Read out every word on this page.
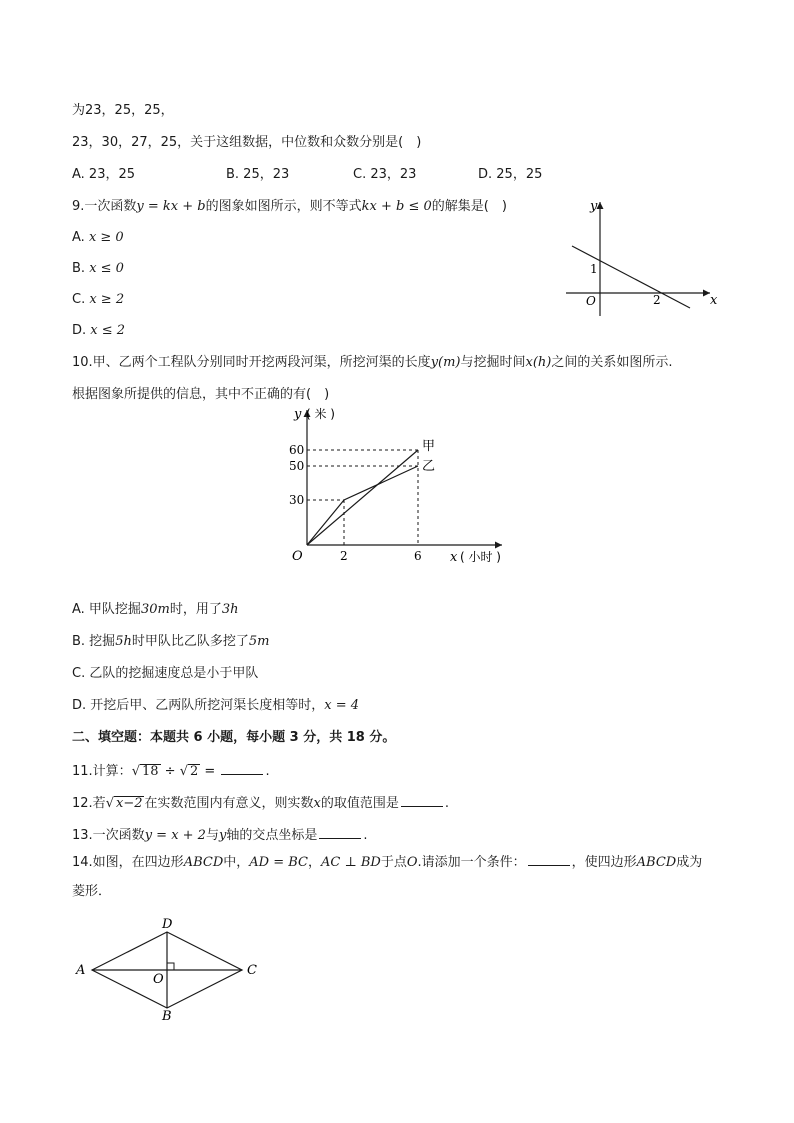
为23，25，25，
23，30，27，25，关于这组数据，中位数和众数分别是(　)
A. 23，25	B. 25，23	C. 23，23	D. 25，25
9.一次函数y = kx + b的图象如图所示，则不等式kx + b ≤ 0的解集是(　)
A. x ≥ 0
B. x ≤ 0
C. x ≥ 2
D. x ≤ 2
y
x
O
1
2
10.甲、乙两个工程队分别同时开挖两段河渠，所挖河渠的长度y(m)与挖掘时间x(h)之间的关系如图所示.
根据图象所提供的信息，其中不正确的有(　)
y ( 米 )
60
50
30
O	2	6 x ( 小时 )
甲
乙
A. 甲队挖掘30m时，用了3h
B. 挖掘5h时甲队比乙队多挖了5m
C. 乙队的挖掘速度总是小于甲队
D. 开挖后甲、乙两队所挖河渠长度相等时，x = 4
二、填空题：本题共 6 小题，每小题 3 分，共 18 分。
11.计算：√ 18 ÷ √ 2 =	.
12.若√ x−2 在实数范围内有意义，则实数x的取值范围是	.
13.一次函数y = x + 2与y轴的交点坐标是	.
14.如图，在四边形ABCD中，AD = BC，AC ⊥ BD于点O.请添加一个条件：	，使四边形ABCD成为
菱形．
A	C
D
B
O
